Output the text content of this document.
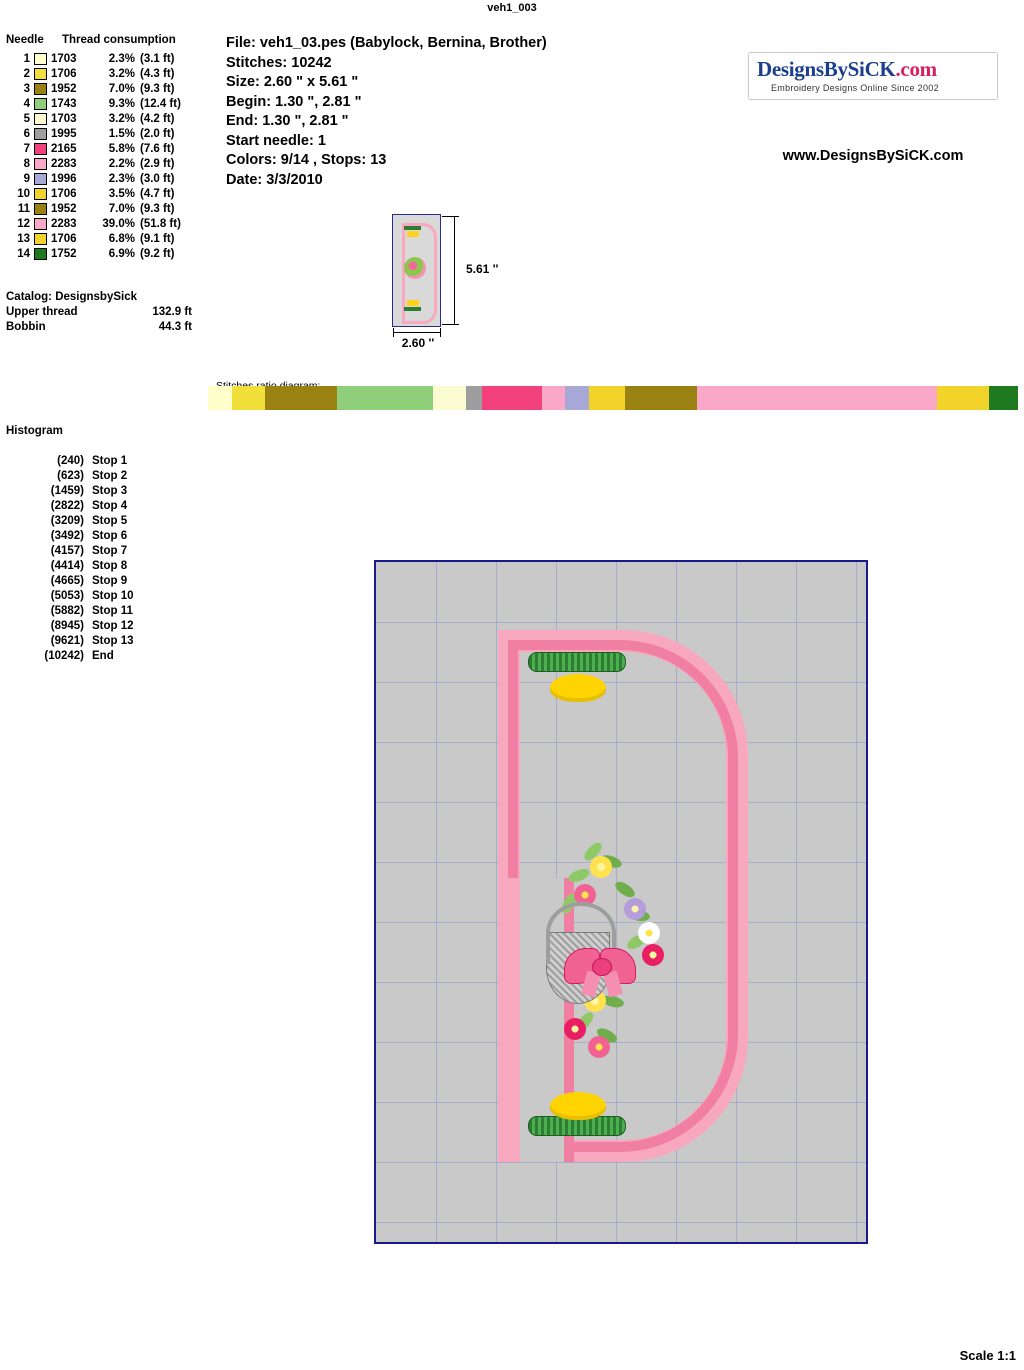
veh1_003
Needle Thread consumption
1 1703	2.3% (3.1 ft)
2 1706	3.2% (4.3 ft)
3 1952	7.0% (9.3 ft)
4 1743	9.3% (12.4 ft)
5 1703	3.2% (4.2 ft)
6 1995	1.5% (2.0 ft)
7 2165	5.8% (7.6 ft)
8 2283	2.2% (2.9 ft)
9 1996	2.3% (3.0 ft)
10 1706	3.5% (4.7 ft)
11 1952	7.0% (9.3 ft)
12 2283 39.0% (51.8 ft)
13 1706	6.8% (9.1 ft)
14 1752	6.9% (9.2 ft)
Catalog: DesignsbySick
Upper thread	132.9 ft
Bobbin	44.3 ft
File: veh1_03.pes (Babylock, Bernina, Brother)
Stitches: 10242
Size: 2.60 " x 5.61 "
Begin: 1.30 ", 2.81 "
End: 1.30 ", 2.81 "
Start needle: 1
Colors: 9/14 , Stops: 13
Date: 3/3/2010
DesignsBySiCK.com
Embroidery Designs Online Since 2002
www.DesignsBySiCK.com
5.61 ''
2.60 ''
Histogram
(240) Stop 1
(623) Stop 2
(1459) Stop 3
(2822) Stop 4
(3209) Stop 5
(3492) Stop 6
(4157) Stop 7
(4414) Stop 8
(4665) Stop 9
(5053) Stop 10
(5882) Stop 11
(8945) Stop 12
(9621) Stop 13
(10242) End
Scale 1:1
